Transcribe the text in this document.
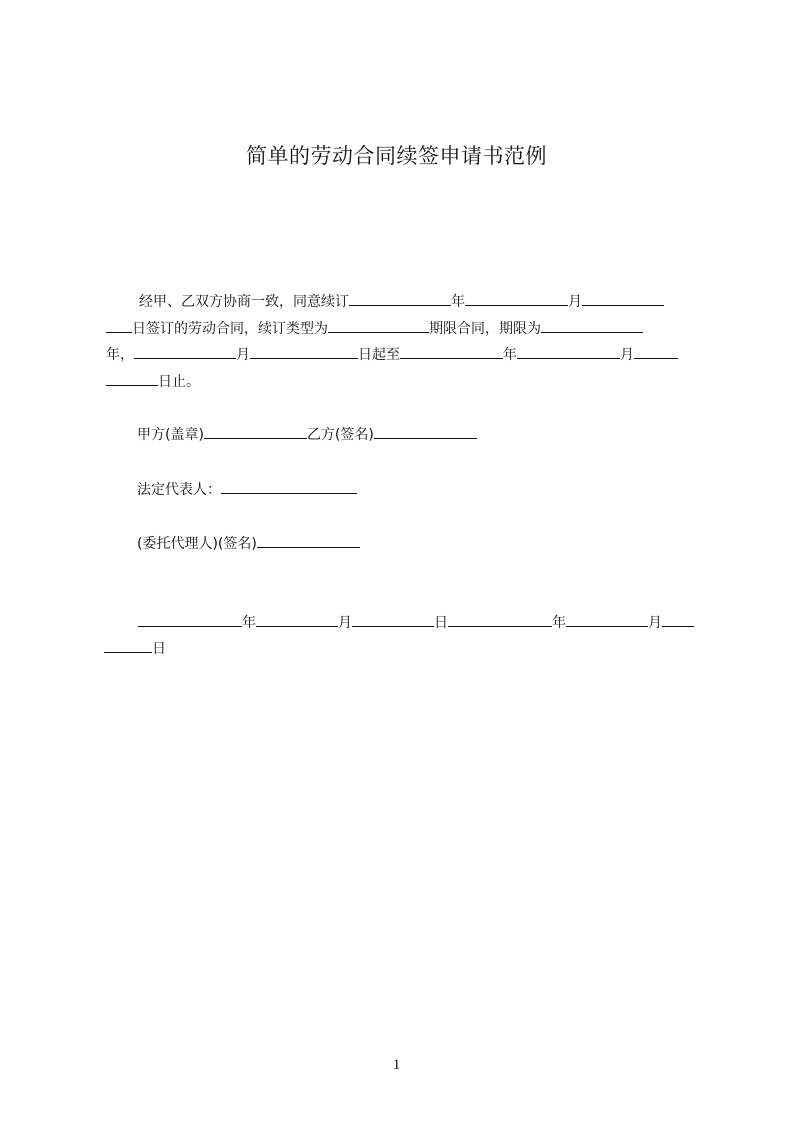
简单的劳动合同续签申请书范例
经甲、乙双方协商一致，同意续订	年	月
日签订的劳动合同，续订类型为	期限合同，期限为
年，	月	日起至	年	月
日止。
甲方(盖章)	乙方(签名)
法定代表人：
(委托代理人)(签名)
年	月	日	年	月
日
1
